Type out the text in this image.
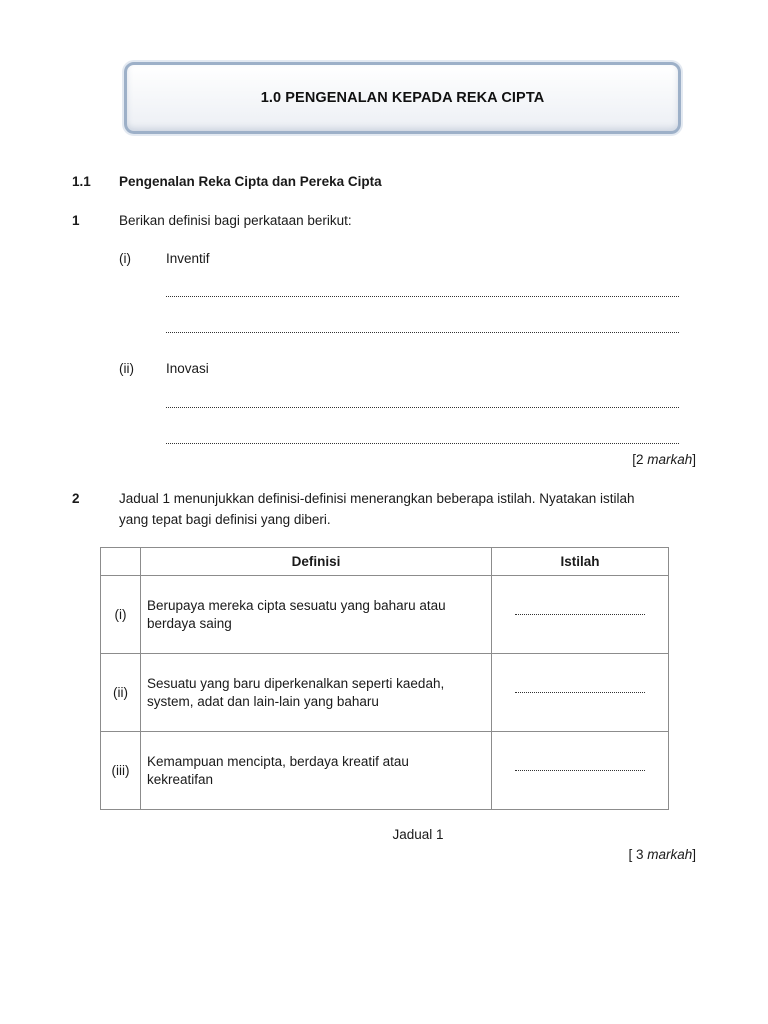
1.0 PENGENALAN KEPADA REKA CIPTA
1.1 Pengenalan Reka Cipta dan Pereka Cipta
1	Berikan definisi bagi perkataan berikut:
(i)	Inventif
(ii) Inovasi
[2 markah]
2	Jadual 1 menunjukkan definisi-definisi menerangkan beberapa istilah. Nyatakan istilah
yang tepat bagi definisi yang diberi.
	Definisi	Istilah
(i)	Berupaya mereka cipta sesuatu yang baharu atau
berdaya saing	

(ii)	Sesuatu yang baru diperkenalkan seperti kaedah,
system, adat dan lain-lain yang baharu	

(iii)	Kemampuan mencipta, berdaya kreatif atau
kekreatifan	

Jadual 1
[ 3 markah]
